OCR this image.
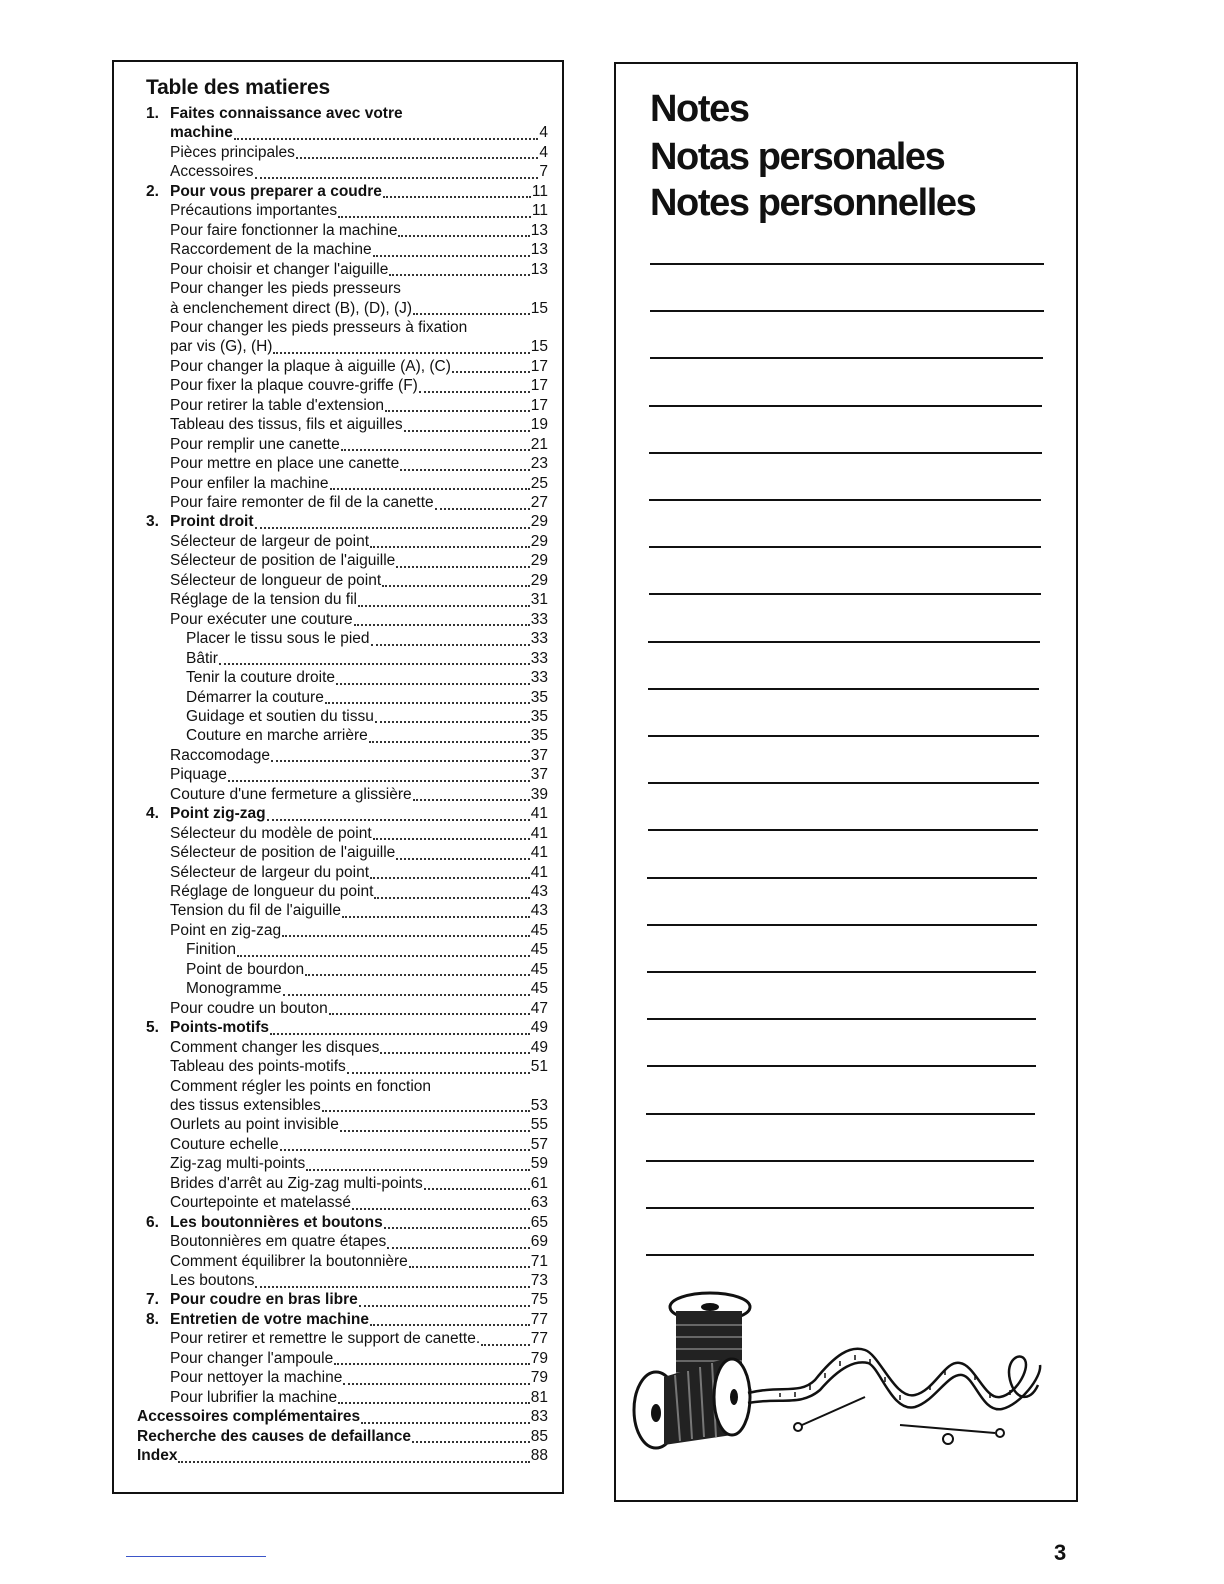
Table des matieres
1. Faites connaissance avec votre
machine	4
Pièces principales	4
Accessoires	7
2. Pour vous preparer a coudre	11
Précautions importantes	11
Pour faire fonctionner la machine	13
Raccordement de la machine	13
Pour choisir et changer l'aiguille	13
Pour changer les pieds presseurs
à enclenchement direct (B), (D), (J)	15
Pour changer les pieds presseurs à fixation
par vis (G), (H)	15
Pour changer la plaque à aiguille (A), (C)	17
Pour fixer la plaque couvre-griffe (F)	17
Pour retirer la table d'extension	17
Tableau des tissus, fils et aiguilles	19
Pour remplir une canette	21
Pour mettre en place une canette	23
Pour enfiler la machine	25
Pour faire remonter de fil de la canette	27
3. Proint droit	29
Sélecteur de largeur de point	29
Sélecteur de position de l'aiguille	29
Sélecteur de longueur de point	29
Réglage de la tension du fil	31
Pour exécuter une couture	33
Placer le tissu sous le pied	33
Bâtir	33
Tenir la couture droite	33
Démarrer la couture	35
Guidage et soutien du tissu	35
Couture en marche arrière	35
Raccomodage	37
Piquage	37
Couture d'une fermeture a glissière	39
4. Point zig-zag	41
Sélecteur du modèle de point	41
Sélecteur de position de l'aiguille	41
Sélecteur de largeur du point	41
Réglage de longueur du point	43
Tension du fil de l'aiguille	43
Point en zig-zag	45
Finition	45
Point de bourdon	45
Monogramme	45
Pour coudre un bouton	47
5. Points-motifs	49
Comment changer les disques	49
Tableau des points-motifs	51
Comment régler les points en fonction
des tissus extensibles	53
Ourlets au point invisible	55
Couture echelle	57
Zig-zag multi-points	59
Brides d'arrêt au Zig-zag multi-points	61
Courtepointe et matelassé	63
6. Les boutonnières et boutons	65
Boutonnières em quatre étapes	69
Comment équilibrer la boutonnière	71
Les boutons	73
7. Pour coudre en bras libre	75
8. Entretien de votre machine	77
Pour retirer et remettre le support de canette.	77
Pour changer l'ampoule	79
Pour nettoyer la machine	79
Pour lubrifier la machine	81
Accessoires complémentaires	83
Recherche des causes de defaillance	85
Index	88
Notes
Notas personales
Notes personnelles
3
